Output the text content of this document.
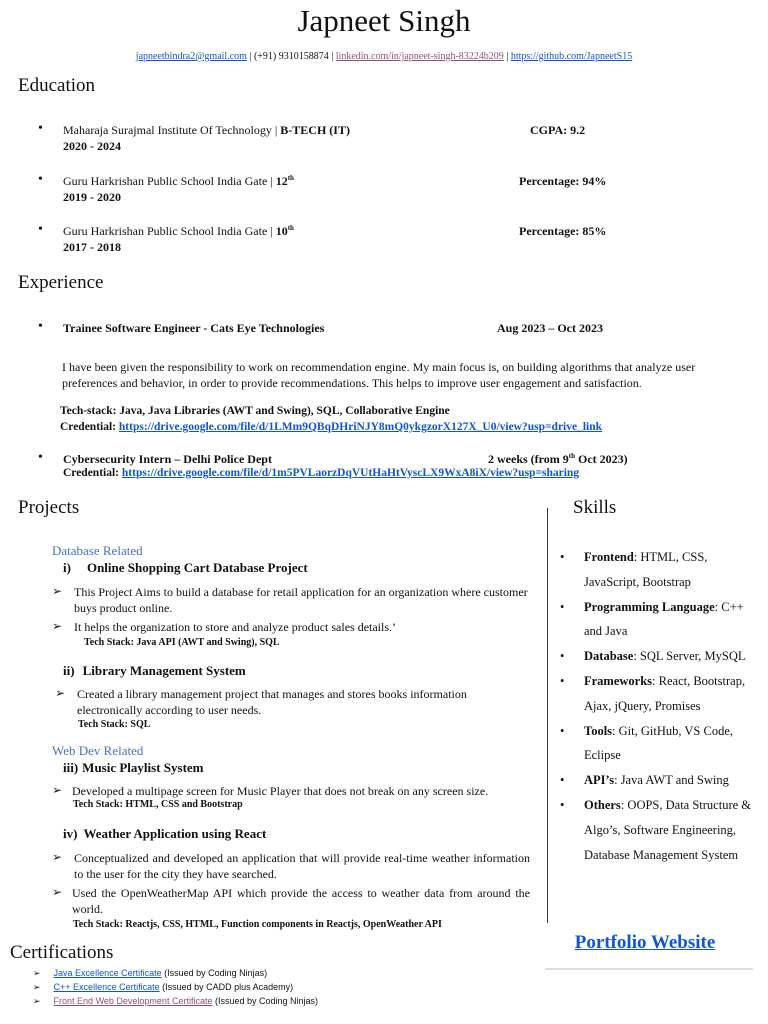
Japneet Singh
japneetbindra2@gmail.com | (+91) 9310158874 | linkedin.com/in/japneet-singh-83224b209 | https://github.com/JapneetS15
Education
• Maharaja Surajmal Institute Of Technology | B-TECH (IT)	CGPA: 9.2
2020 - 2024
• Guru Harkrishan Public School India Gate | 12th	Percentage: 94%
2019 - 2020
• Guru Harkrishan Public School India Gate | 10th	Percentage: 85%
2017 - 2018
Experience
• Trainee Software Engineer - Cats Eye Technologies	Aug 2023 – Oct 2023
I have been given the responsibility to work on recommendation engine. My main focus is, on building algorithms that analyze user preferences and behavior, in order to provide recommendations. This helps to improve user engagement and satisfaction.
Tech-stack: Java, Java Libraries (AWT and Swing), SQL, Collaborative Engine
Credential: https://drive.google.com/file/d/1LMm9QBqDHriNJY8mQ0ykgzorX127X_U0/view?usp=drive_link
• Cybersecurity Intern – Delhi Police Dept	2 weeks (from 9th Oct 2023)
Credential: https://drive.google.com/file/d/1m5PVLaorzDqVUtHaHtVyscLX9WxA8iX/view?usp=sharing
Projects
Database Related
i) Online Shopping Cart Database Project
➢ This Project Aims to build a database for retail application for an organization where customer buys product online.
➢ It helps the organization to store and analyze product sales details.’
Tech Stack: Java API (AWT and Swing), SQL
ii) Library Management System
➢ Created a library management project that manages and stores books information electronically according to user needs.
Tech Stack: SQL
Web Dev Related
iii) Music Playlist System
➢ Developed a multipage screen for Music Player that does not break on any screen size.
Tech Stack: HTML, CSS and Bootstrap
iv) Weather Application using React
➢ Conceptualized and developed an application that will provide real-time weather information to the user for the city they have searched.
➢ Used the OpenWeatherMap API which provide the access to weather data from around the world.
Tech Stack: Reactjs, CSS, HTML, Function components in Reactjs, OpenWeather API
Skills
• Frontend: HTML, CSS, JavaScript, Bootstrap
• Programming Language: C++ and Java
• Database: SQL Server, MySQL
• Frameworks: React, Bootstrap, Ajax, jQuery, Promises
• Tools: Git, GitHub, VS Code, Eclipse
• API’s: Java AWT and Swing
• Others: OOPS, Data Structure & Algo’s, Software Engineering, Database Management System
Portfolio Website
Certifications
➢ Java Excellence Certificate (Issued by Coding Ninjas)
➢ C++ Excellence Certificate (Issued by CADD plus Academy)
➢ Front End Web Development Certificate (Issued by Coding Ninjas)
